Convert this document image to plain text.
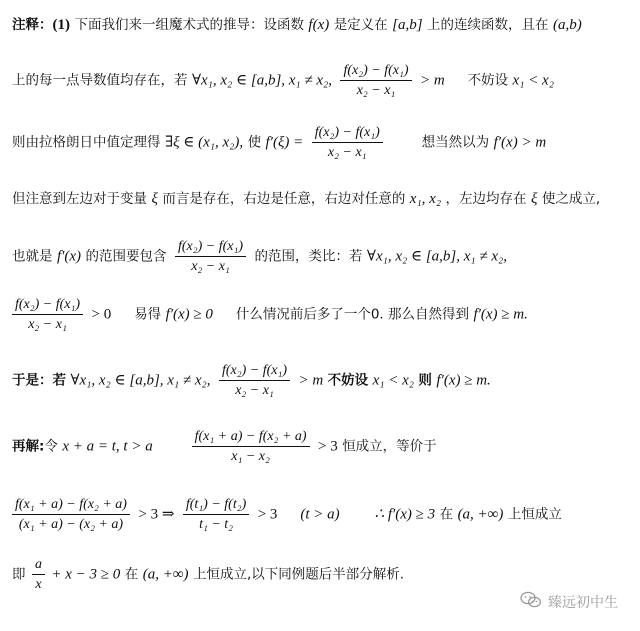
注释：(1) 下面我们来一组魔术式的推导：设函数 f(x) 是定义在 [a,b] 上的连续函数，且在 (a,b)
上的每一点导数值均存在，若 ∀x₁, x₂ ∈ [a,b], x₁ ≠ x₂, $\frac{\text{f(x₂) − f(x₁)}}{\text{x₂ − x₁}} > m$ 不妨设 x₁ < x₂
则由拉格朗日中值定理得 ∃ξ ∈ (x₁, x₂), 使 $f'(\xi) = \frac{\text{f(x₂) − f(x₁)}}{\text{x₂ − x₁}}$	想当然以为 f′(x) > m
但注意到左边对于变量 ξ 而言是存在，右边是任意，右边对任意的 x₁, x₂ ，左边均存在 ξ 使之成立,
也就是 f′(x) 的范围要包含 $\frac{\text{f(x₂) − f(x₁)}}{\text{x₂ − x₁}}$ 的范围，类比：若 ∀x₁, x₂ ∈ [a,b], x₁ ≠ x₂,
$\frac{\text{f(x₂) − f(x₁)}}{\text{x₂ − x₁}} > 0$ 易得 f′(x) ≥ 0 什么情况前后多了一个0. 那么自然得到 f′(x) ≥ m.
于是：若 ∀x₁, x₂ ∈ [a,b], x₁ ≠ x₂, $\frac{\text{f(x₂) − f(x₁)}}{\text{x₂ − x₁}} > m$ 不妨设 x₁ < x₂ 则 f′(x) ≥ m.
再解:令 x + a = t, t > a	$\frac{\text{f(x₁ + a) − f(x₂ + a)}}{\text{x₁ − x₂}} > 3$ 恒成立，等价于
$\frac{\text{f(x₁ + a) − f(x₂ + a)}}{\text{(x₁ + a) − (x₂ + a)}} > 3$ ⇒ $\frac{\text{f(t₁) − f(t₂)}}{\text{t₁ − t₂}} > 3$ (t > a) ∴ f′(x) ≥ 3 在 (a, +∞) 上恒成立
即 $\frac{a}{x} + x - 3 \ge 0$ 在 (a, +∞) 上恒成立,以下同例题后半部分解析.
臻远初中生
